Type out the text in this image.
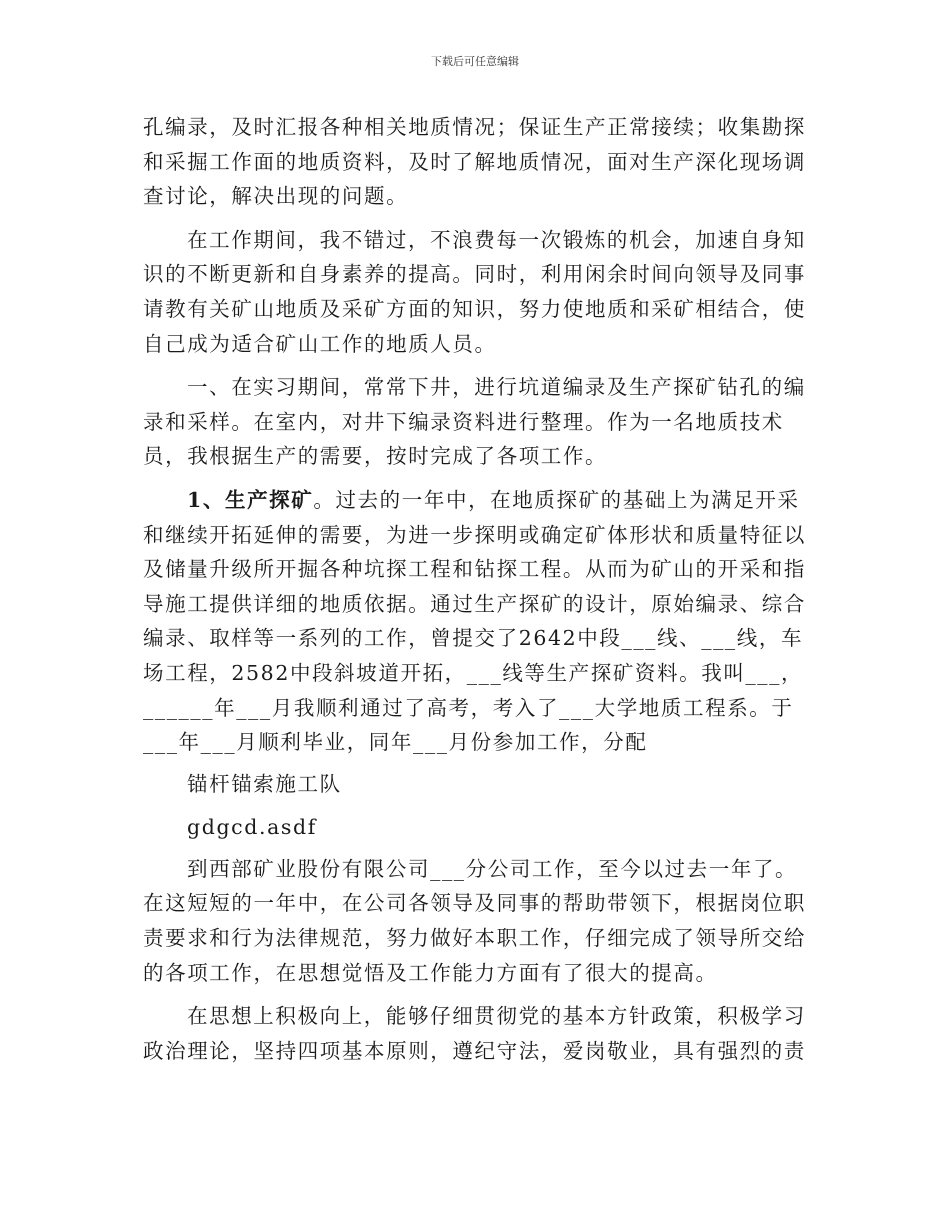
下载后可任意编辑

孔编录，及时汇报各种相关地质情况；保证生产正常接续；收集勘探和采掘工作面的地质资料，及时了解地质情况，面对生产深化现场调查讨论，解决出现的问题。

在工作期间，我不错过，不浪费每一次锻炼的机会，加速自身知识的不断更新和自身素养的提高。同时，利用闲余时间向领导及同事请教有关矿山地质及采矿方面的知识，努力使地质和采矿相结合，使自己成为适合矿山工作的地质人员。

一、在实习期间，常常下井，进行坑道编录及生产探矿钻孔的编录和采样。在室内，对井下编录资料进行整理。作为一名地质技术员，我根据生产的需要，按时完成了各项工作。

1、生产探矿。过去的一年中，在地质探矿的基础上为满足开采和继续开拓延伸的需要，为进一步探明或确定矿体形状和质量特征以及储量升级所开掘各种坑探工程和钻探工程。从而为矿山的开采和指导施工提供详细的地质依据。通过生产探矿的设计，原始编录、综合编录、取样等一系列的工作，曾提交了2642中段___线、___线，车场工程，2582中段斜坡道开拓，___线等生产探矿资料。我叫___，______年___月我顺利通过了高考，考入了___大学地质工程系。于___年___月顺利毕业，同年___月份参加工作，分配

锚杆锚索施工队

gdgcd.asdf

到西部矿业股份有限公司___分公司工作，至今以过去一年了。在这短短的一年中，在公司各领导及同事的帮助带领下，根据岗位职责要求和行为法律规范，努力做好本职工作，仔细完成了领导所交给的各项工作，在思想觉悟及工作能力方面有了很大的提高。

在思想上积极向上，能够仔细贯彻党的基本方针政策，积极学习政治理论，坚持四项基本原则，遵纪守法，爱岗敬业，具有强烈的责
